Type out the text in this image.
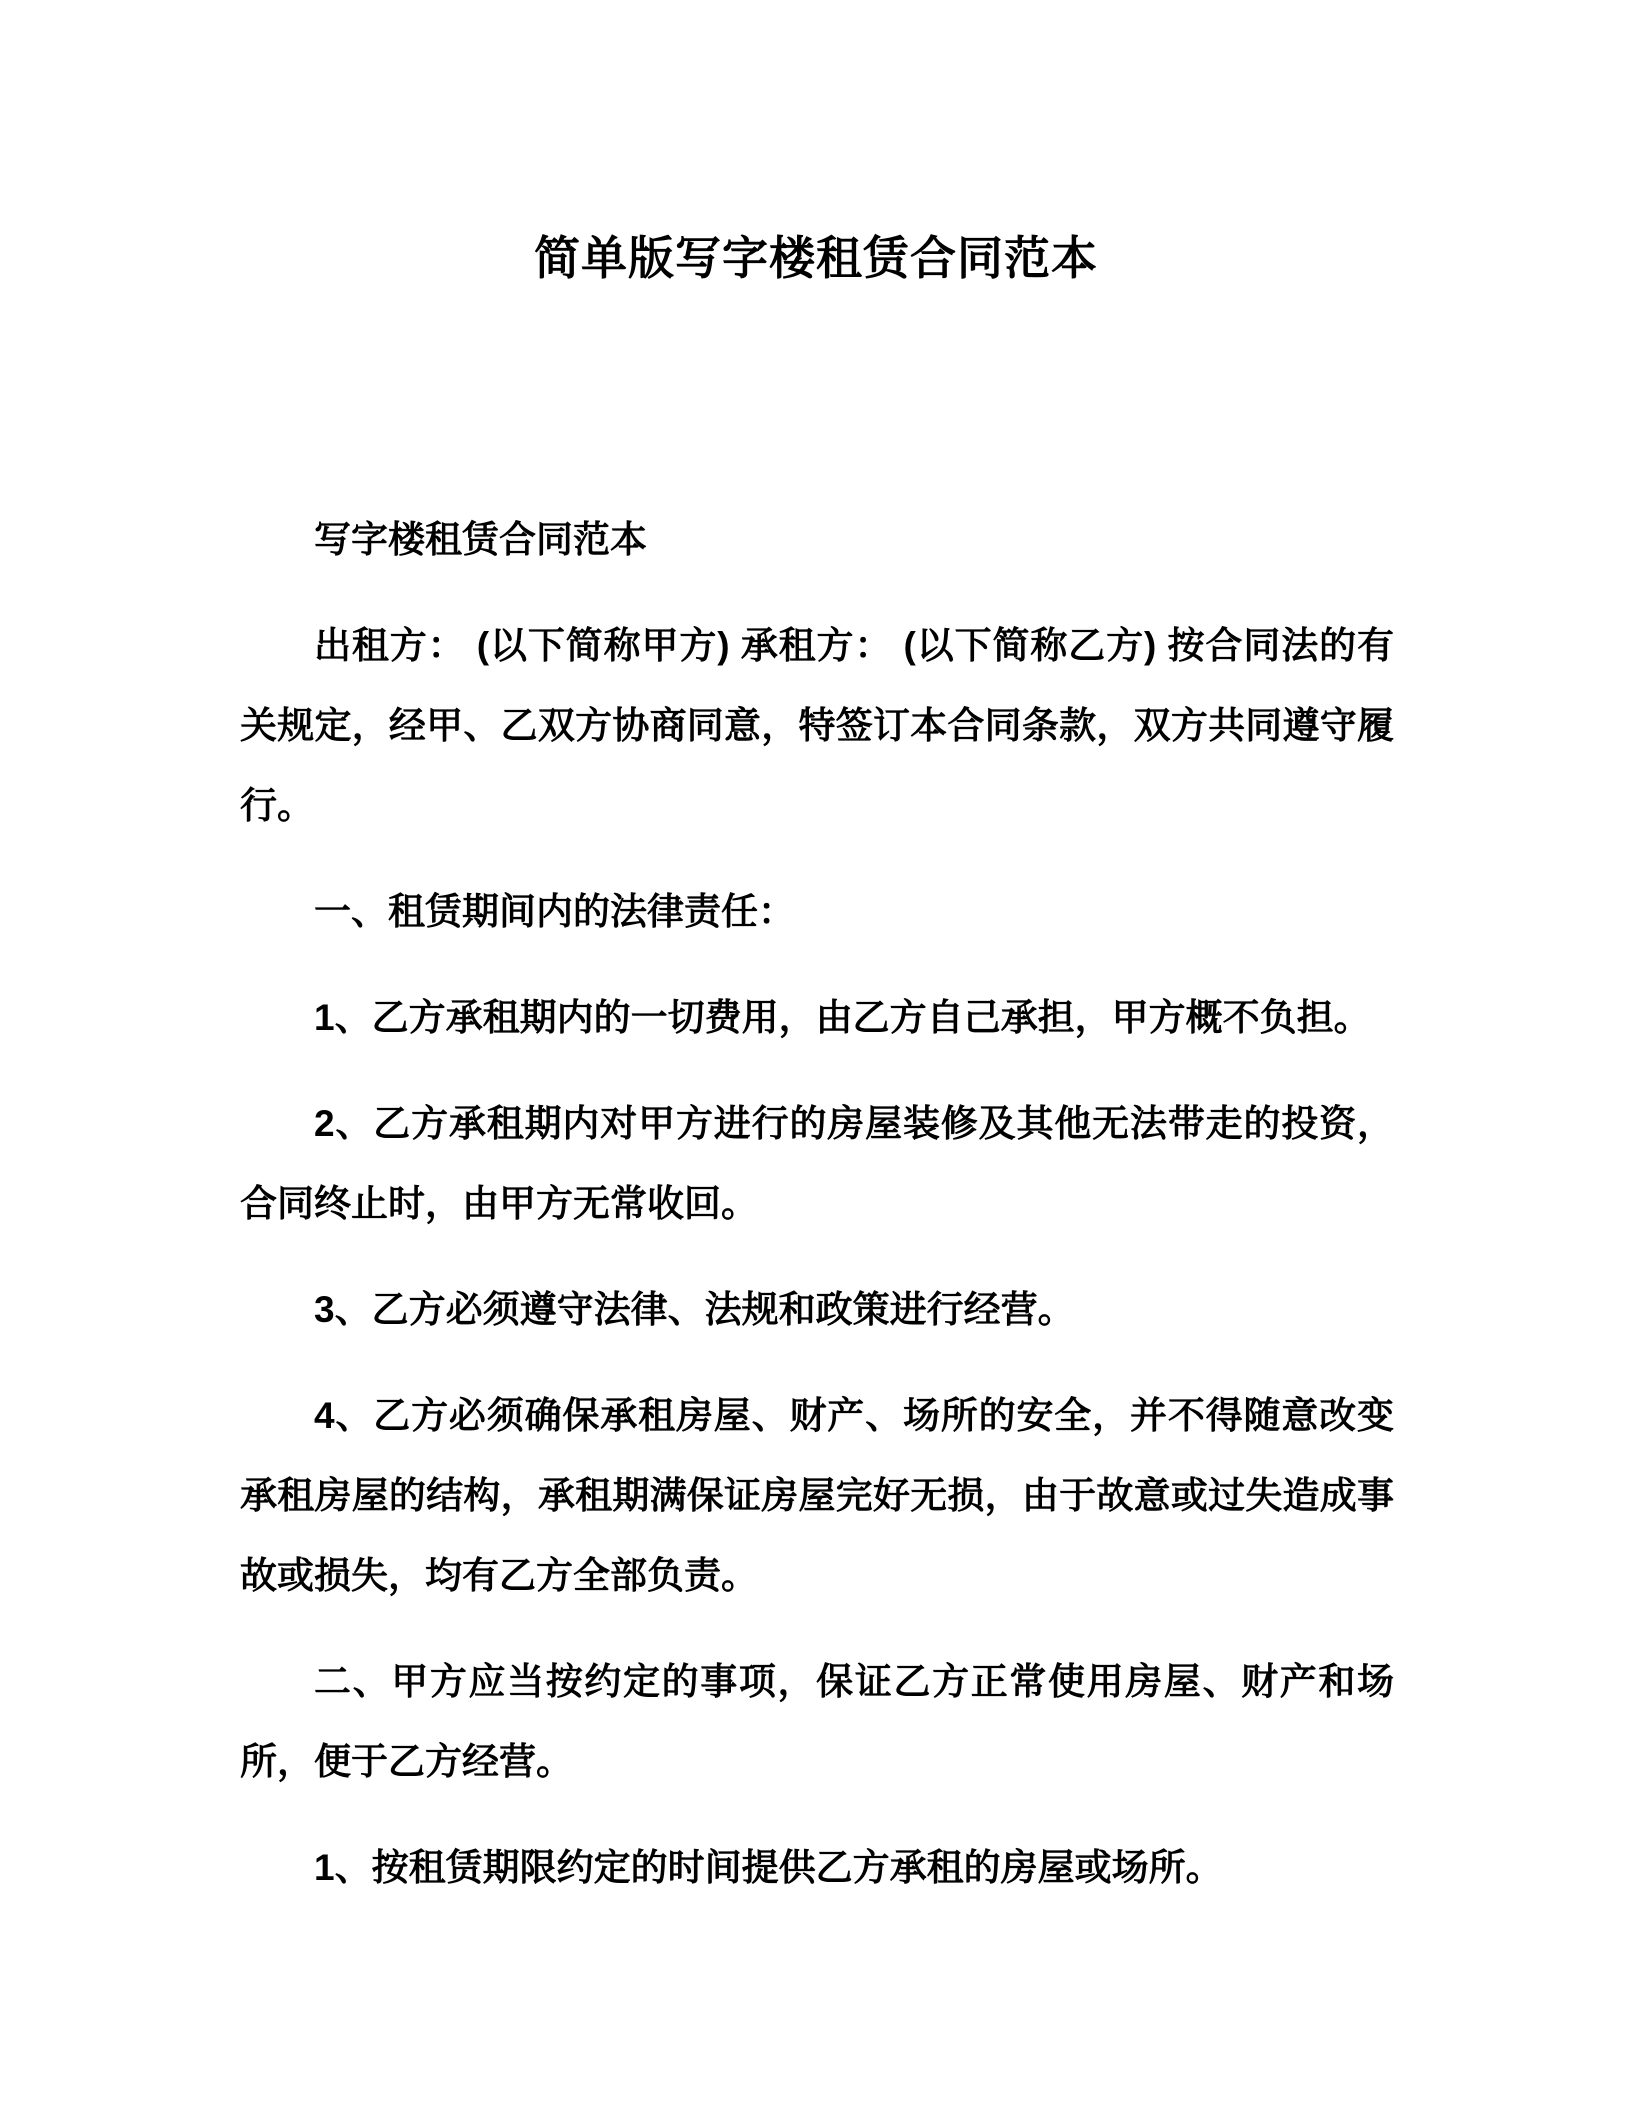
简单版写字楼租赁合同范本

写字楼租赁合同范本

出租方： (以下简称甲方) 承租方： (以下简称乙方) 按合同法的有关规定，经甲、乙双方协商同意，特签订本合同条款，双方共同遵守履行。

一、租赁期间内的法律责任：

1、乙方承租期内的一切费用，由乙方自己承担，甲方概不负担。

2、乙方承租期内对甲方进行的房屋装修及其他无法带走的投资，合同终止时，由甲方无常收回。

3、乙方必须遵守法律、法规和政策进行经营。

4、乙方必须确保承租房屋、财产、场所的安全，并不得随意改变承租房屋的结构，承租期满保证房屋完好无损，由于故意或过失造成事故或损失，均有乙方全部负责。

二、甲方应当按约定的事项，保证乙方正常使用房屋、财产和场所，便于乙方经营。

1、按租赁期限约定的时间提供乙方承租的房屋或场所。
